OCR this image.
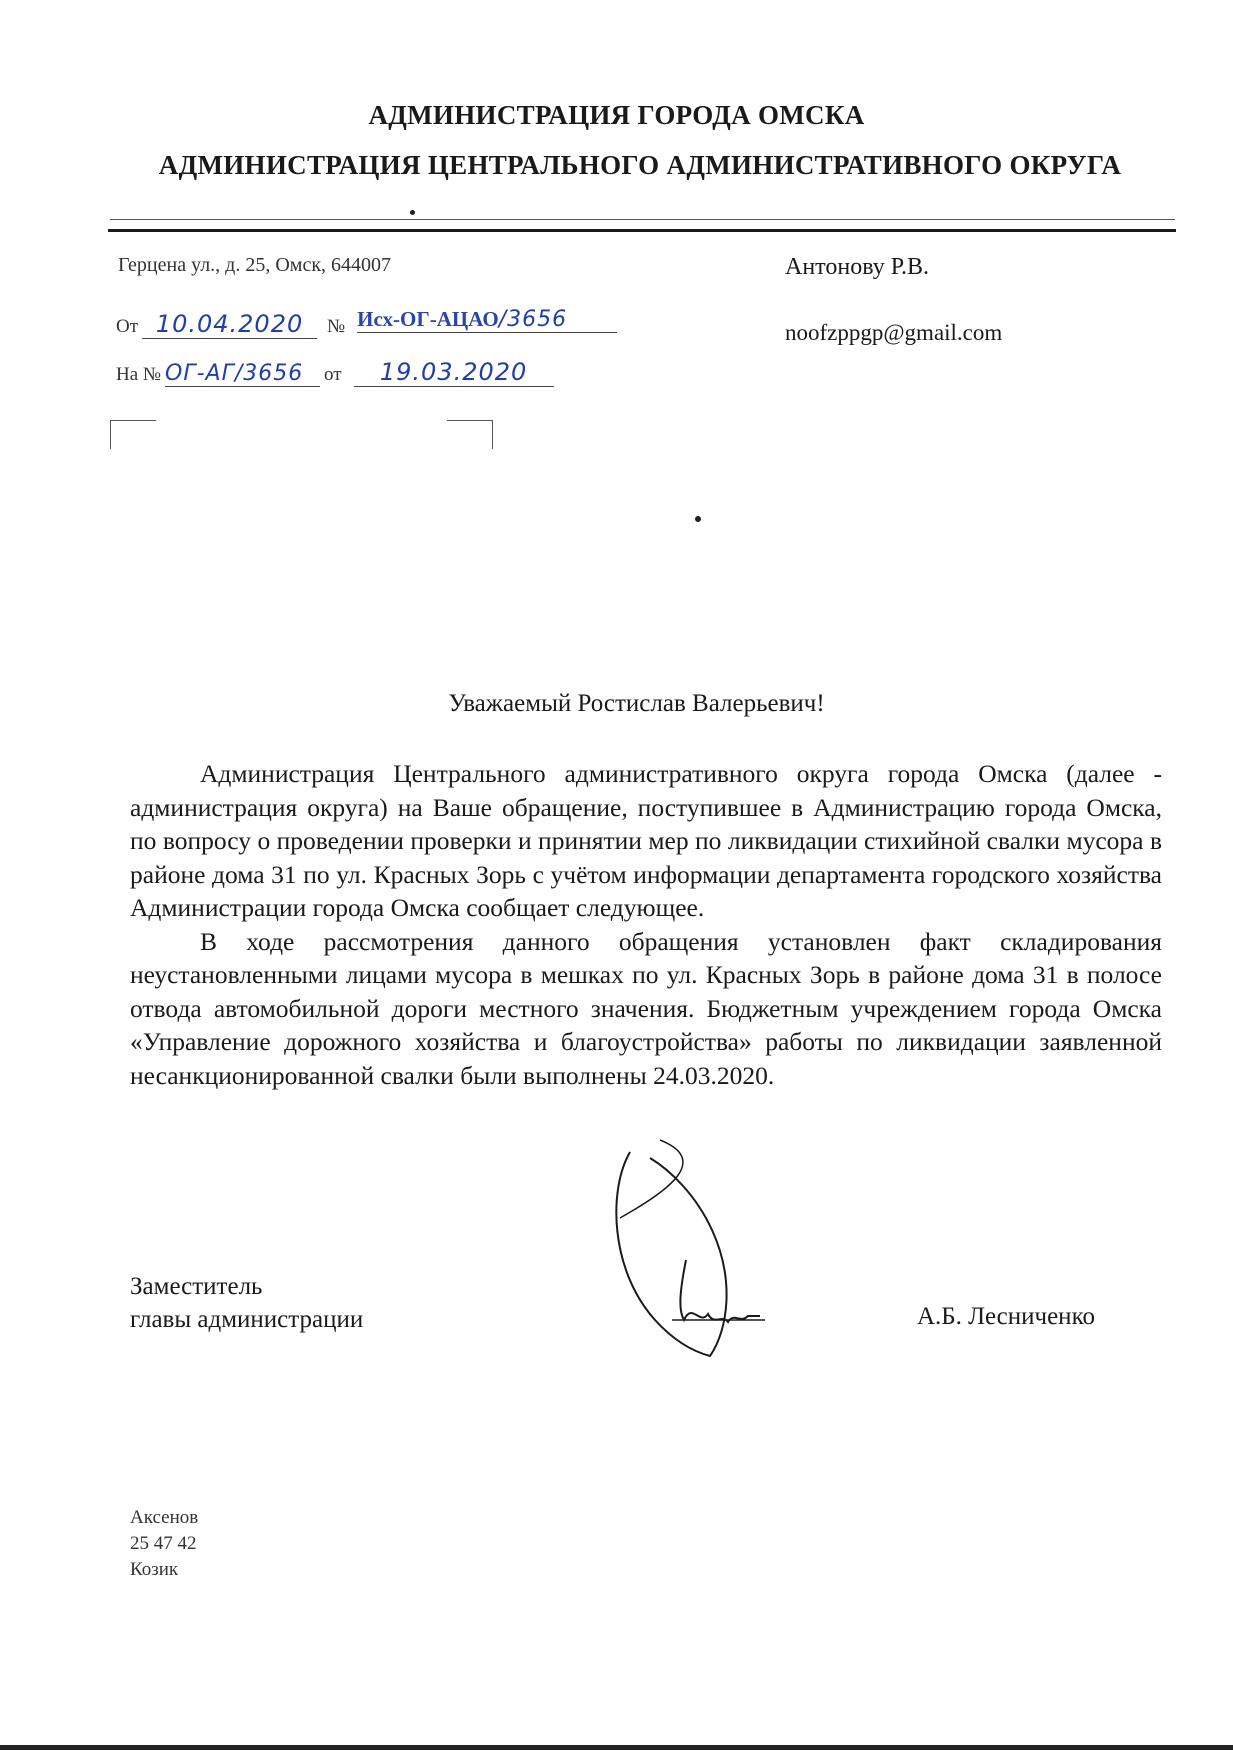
АДМИНИСТРАЦИЯ ГОРОДА ОМСКА
АДМИНИСТРАЦИЯ ЦЕНТРАЛЬНОГО АДМИНИСТРАТИВНОГО ОКРУГА
Герцена ул., д. 25, Омск, 644007
От 10.04.2020 № Исх-ОГ-АЦАО/3656
На № ОГ-АГ/3656 от 19.03.2020
Антонову Р.В.
noofzppgp@gmail.com
Уважаемый Ростислав Валерьевич!

Администрация Центрального административного округа города Омска (далее - администрация округа) на Ваше обращение, поступившее в Администрацию города Омска, по вопросу о проведении проверки и принятии мер по ликвидации стихийной свалки мусора в районе дома 31 по ул. Красных Зорь с учётом информации департамента городского хозяйства Администрации города Омска сообщает следующее.

В ходе рассмотрения данного обращения установлен факт складирования неустановленными лицами мусора в мешках по ул. Красных Зорь в районе дома 31 в полосе отвода автомобильной дороги местного значения. Бюджетным учреждением города Омска «Управление дорожного хозяйства и благоустройства» работы по ликвидации заявленной несанкционированной свалки были выполнены 24.03.2020.

Заместитель
главы администрации	А.Б. Лесниченко
Аксенов
25 47 42
Козик
